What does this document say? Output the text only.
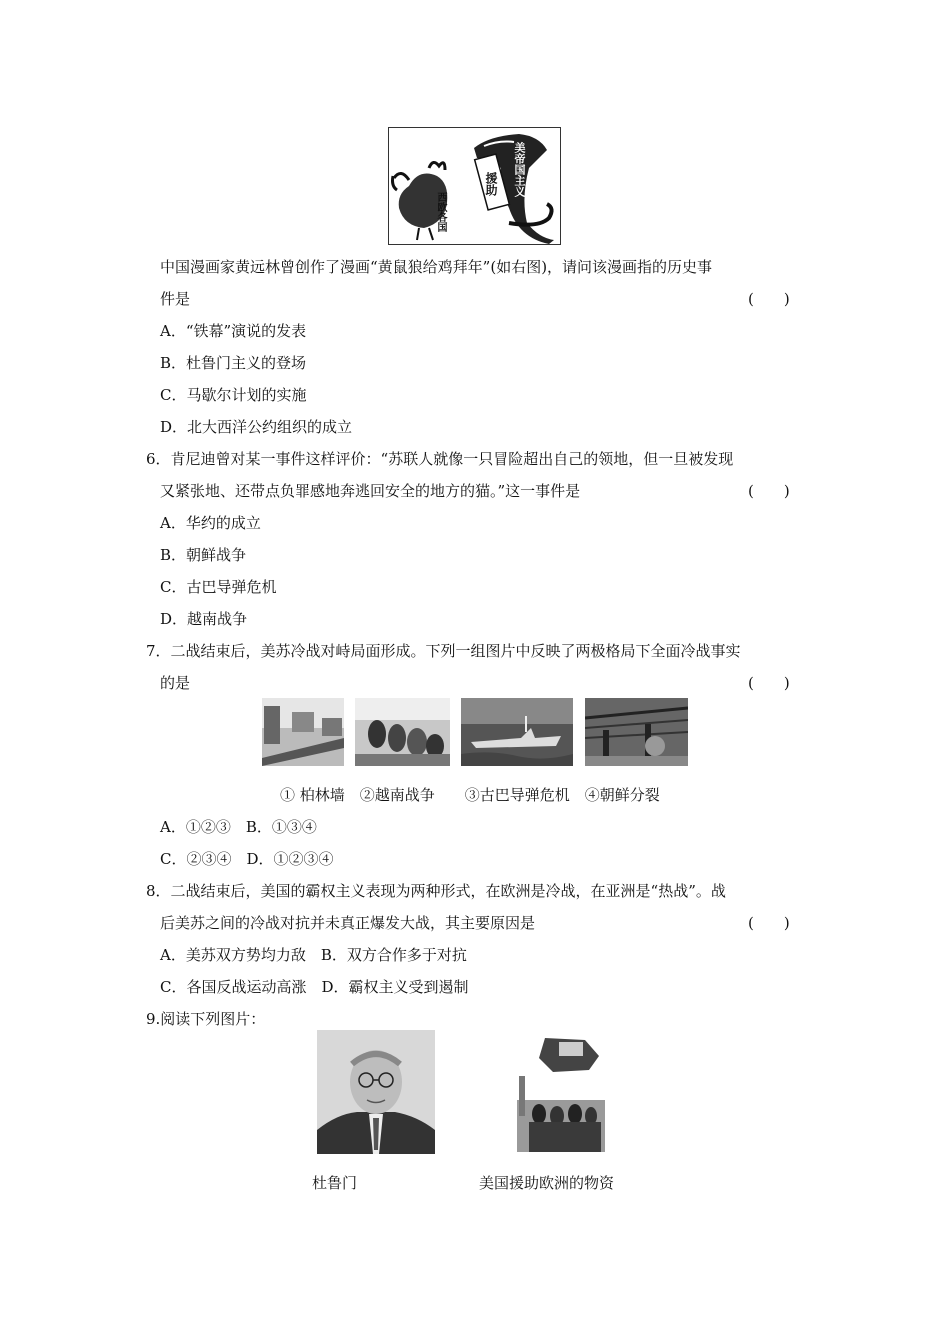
援助 美帝国主义
西欧各国
中国漫画家黄远林曾创作了漫画“黄鼠狼给鸡拜年”(如右图)，请问该漫画指的历史事
件是	(　　)
A．“铁幕”演说的发表
B．杜鲁门主义的登场
C．马歇尔计划的实施
D．北大西洋公约组织的成立
6．肯尼迪曾对某一事件这样评价：“苏联人就像一只冒险超出自己的领地，但一旦被发现
又紧张地、还带点负罪感地奔逃回安全的地方的猫。”这一事件是	(　　)
A．华约的成立
B．朝鲜战争
C．古巴导弹危机
D．越南战争
7．二战结束后，美苏冷战对峙局面形成。下列一组图片中反映了两极格局下全面冷战事实
的是	(　　)
① 柏林墙　②越南战争　　③古巴导弹危机　④朝鲜分裂
A．①②③　B．①③④
C．②③④　D．①②③④
8．二战结束后，美国的霸权主义表现为两种形式，在欧洲是冷战，在亚洲是“热战”。战
后美苏之间的冷战对抗并未真正爆发大战，其主要原因是	(　　)
A．美苏双方势均力敌　B．双方合作多于对抗
C．各国反战运动高涨　D．霸权主义受到遏制
9.阅读下列图片：
杜鲁门	美国援助欧洲的物资
